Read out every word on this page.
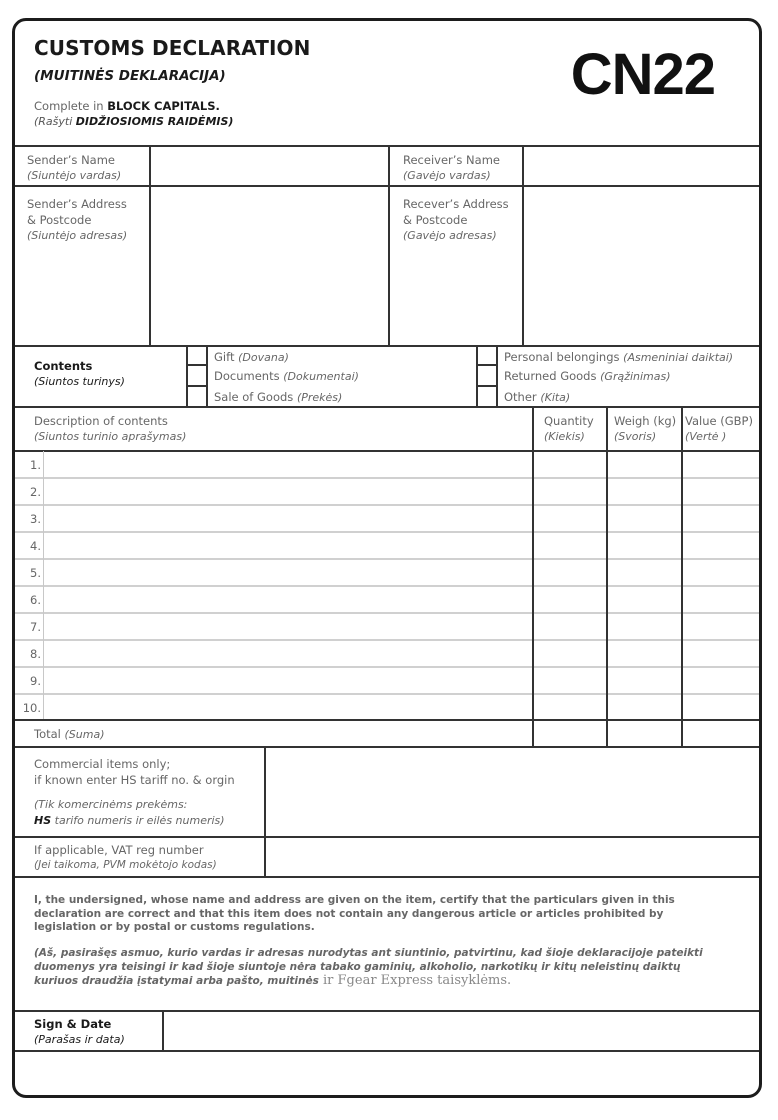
CUSTOMS DECLARATION
(MUITINĖS DEKLARACIJA)
Complete in BLOCK CAPITALS.
(Rašyti DIDŽIOSIOMIS RAIDĖMIS)
CN22
Sender’s Name
(Siuntėjo vardas)
Receiver’s Name
(Gavėjo vardas)
Sender’s Address
& Postcode
(Siuntėjo adresas)
Recever’s Address
& Postcode
(Gavėjo adresas)
Contents
(Siuntos turinys)
Gift (Dovana)
Documents (Dokumentai)
Sale of Goods (Prekės)
Personal belongings (Asmeniniai daiktai)
Returned Goods (Grąžinimas)
Other (Kita)
Description of contents
(Siuntos turinio aprašymas)
Quantity
(Kiekis)
Weigh (kg)
(Svoris)
Value (GBP)
(Vertė )
1.
2.
3.
4.
5.
6.
7.
8.
9.
10.
Total (Suma)
Commercial items only;
if known enter HS tariff no. & orgin
(Tik komercinėms prekėms:
HS tarifo numeris ir eilės numeris)
If applicable, VAT reg number
(Jei taikoma, PVM mokėtojo kodas)
I, the undersigned, whose name and address are given on the item, certify that the particulars given in this declaration are correct and that this item does not contain any dangerous article or articles prohibited by legislation or by postal or customs regulations.
(Aš, pasirašęs asmuo, kurio vardas ir adresas nurodytas ant siuntinio, patvirtinu, kad šioje deklaracijoje pateikti duomenys yra teisingi ir kad šioje siuntoje nėra tabako gaminių, alkoholio, narkotikų ir kitų neleistinų daiktų kuriuos draudžia įstatymai arba pašto, muitinės ir Fgear Express taisyklėms.
Sign & Date
(Parašas ir data)
